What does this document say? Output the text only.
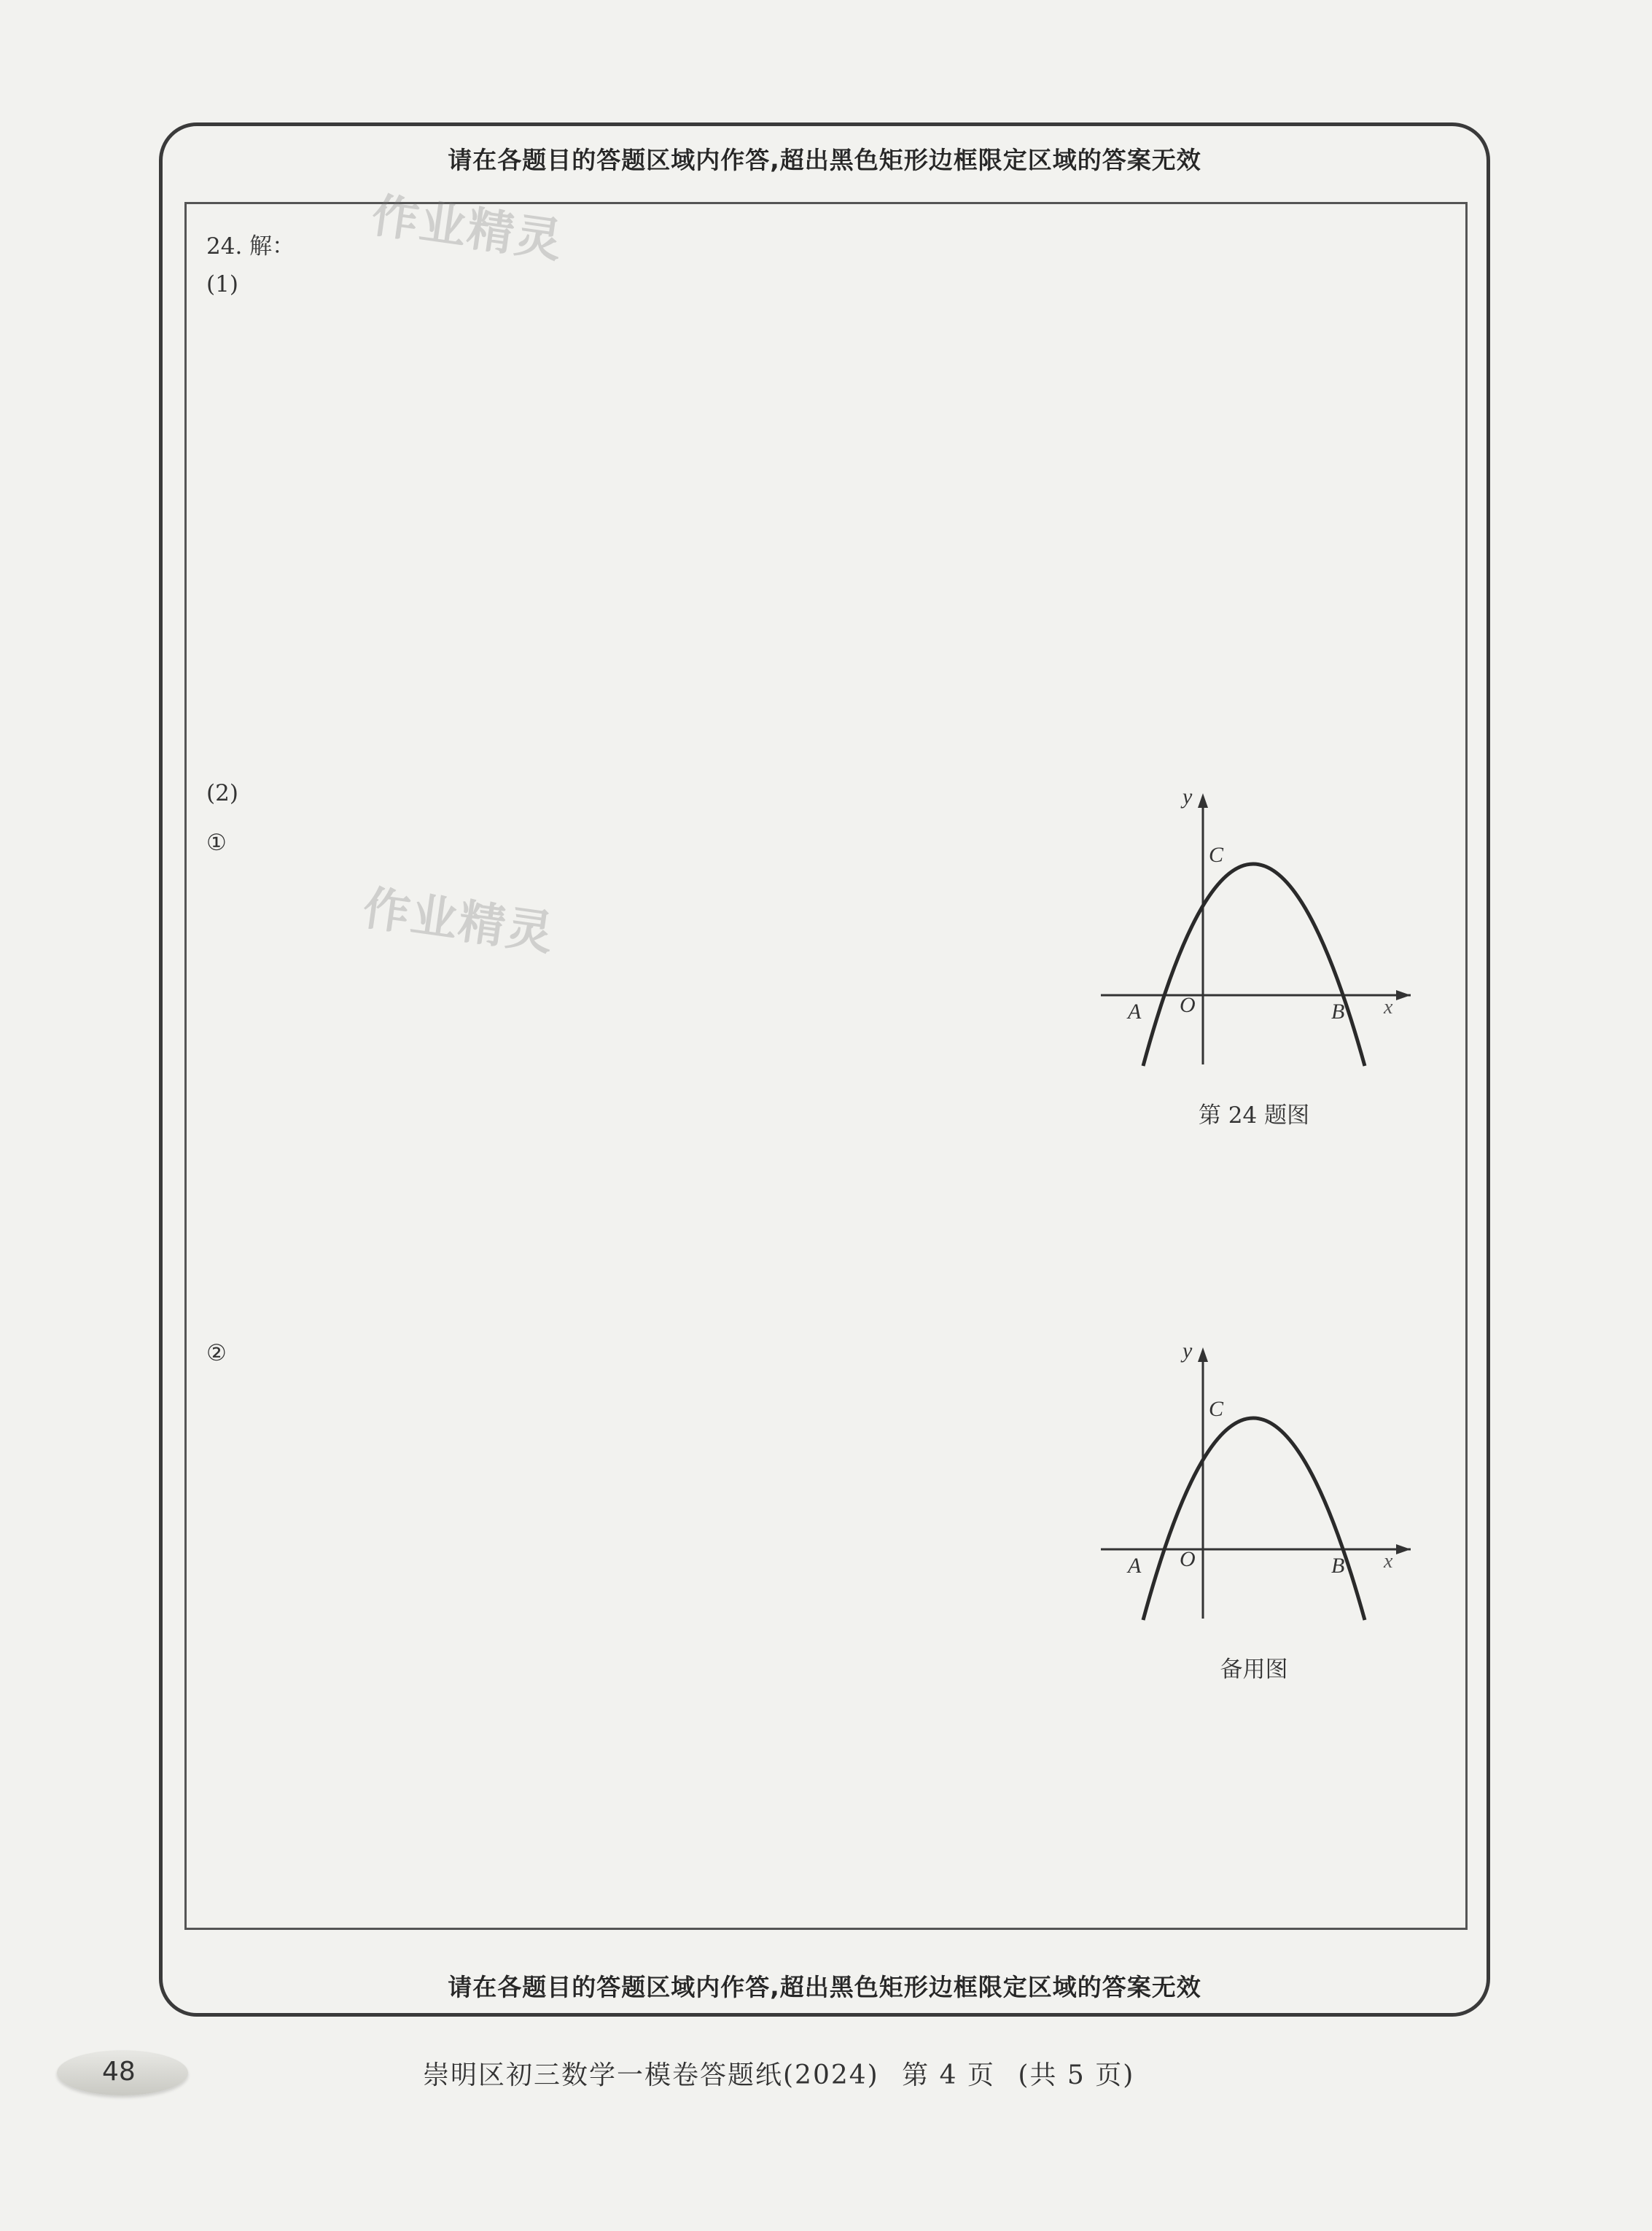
请在各题目的答题区域内作答,超出黑色矩形边框限定区域的答案无效
24. 解：
(1)
(2)
①
②
作业精灵
作业精灵
y
C
A O	B x
第 24 题图
y
C
A O	B x
备用图
请在各题目的答题区域内作答,超出黑色矩形边框限定区域的答案无效
48	崇明区初三数学一模卷答题纸(2024) 第 4 页 (共 5 页)
